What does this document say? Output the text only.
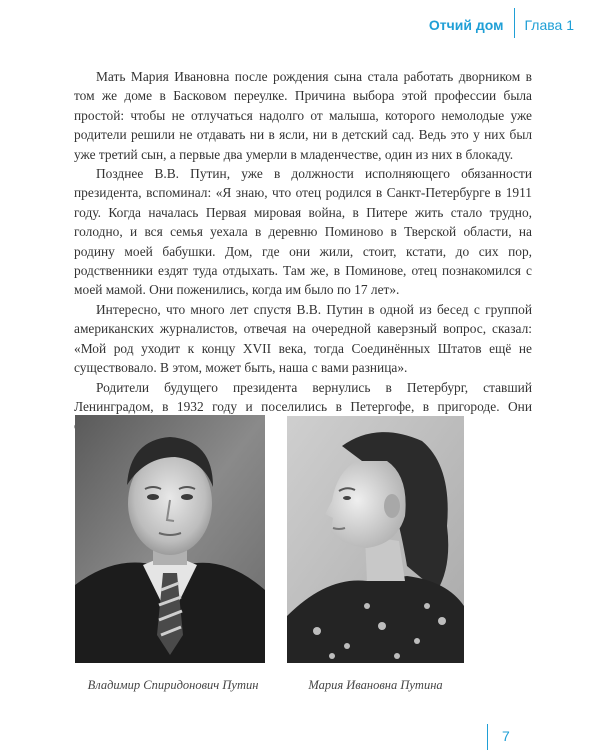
Отчий дом	Глава 1

Мать Мария Ивановна после рождения сына стала работать дворником в том же доме в Басковом переулке. Причина выбора этой профессии была простой: чтобы не отлучаться надолго от малыша, которого немолодые уже родители решили не отдавать ни в ясли, ни в детский сад. Ведь это у них был уже третий сын, а первые два умерли в младенчестве, один из них в блокаду.

Позднее В.В. Путин, уже в должности исполняющего обязанности президента, вспоминал: «Я знаю, что отец родился в Санкт-Петербурге в 1911 году. Когда началась Первая мировая война, в Питере жить стало трудно, голодно, и вся семья уехала в деревню Поминово в Тверской области, на родину моей бабушки. Дом, где они жили, стоит, кстати, до сих пор, родственники ездят туда отдыхать. Там же, в Поминове, отец познакомился с моей мамой. Они поженились, когда им было по 17 лет».

Интересно, что много лет спустя В.В. Путин в одной из бесед с группой американских журналистов, отвечая на очередной каверзный вопрос, сказал: «Мой род уходит к концу XVII века, тогда Соединённых Штатов ещё не существовало. В этом, может быть, наша с вами разница».

Родители будущего президента вернулись в Петербург, ставший Ленинградом, в 1932 году и поселились в Петергофе, в пригороде. Они

Владимир Спиридонович Путин	Мария Ивановна Путина
7
